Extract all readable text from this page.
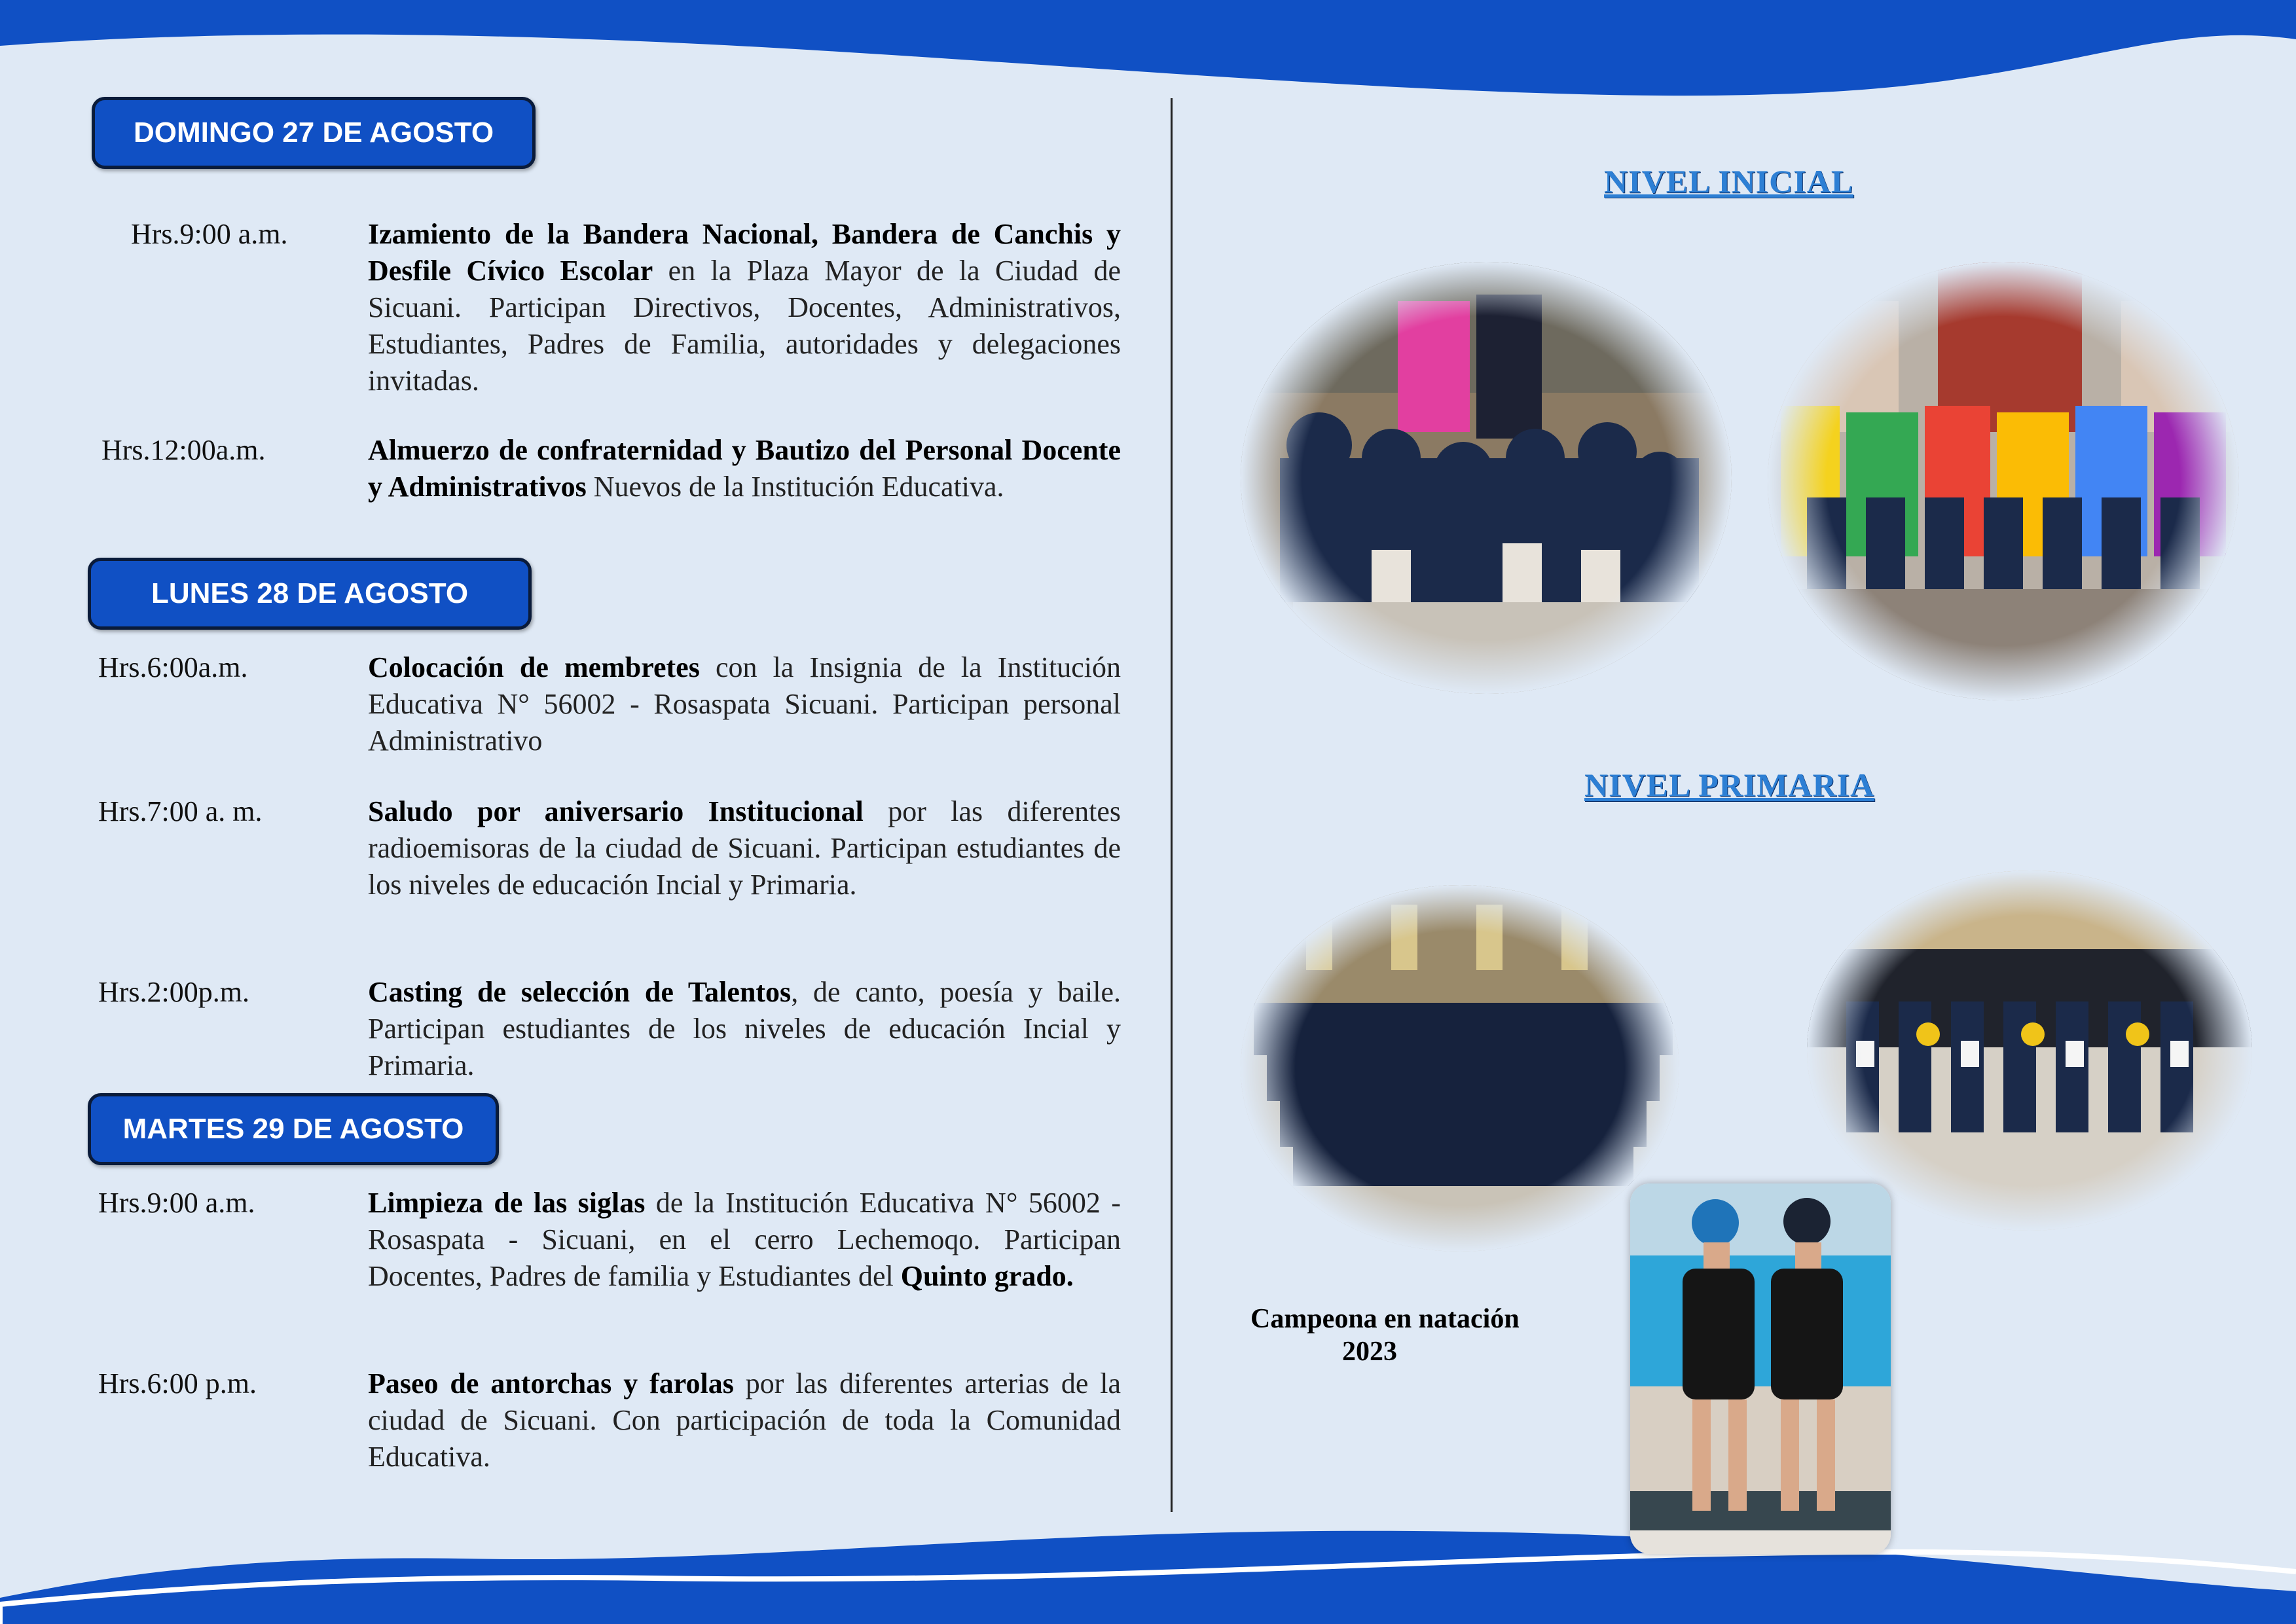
DOMINGO 27 DE AGOSTO
Hrs.9:00 a.m.	Izamiento de la Bandera Nacional, Bandera de Canchis y Desfile Cívico Escolar en la Plaza Mayor de la Ciudad de Sicuani. Participan Directivos, Docentes, Administrativos, Estudiantes, Padres de Familia, autoridades y delegaciones invitadas.
Hrs.12:00a.m.	Almuerzo de confraternidad y Bautizo del Personal Docente y Administrativos Nuevos de la Institución Educativa.
LUNES 28 DE AGOSTO
Hrs.6:00a.m.	Colocación de membretes con la Insignia de la Institución Educativa N° 56002 - Rosaspata Sicuani. Participan personal Administrativo
Hrs.7:00 a. m.	Saludo por aniversario Institucional por las diferentes radioemisoras de la ciudad de Sicuani. Participan estudiantes de los niveles de educación Incial y Primaria.
Hrs.2:00p.m.	Casting de selección de Talentos, de canto, poesía y baile. Participan estudiantes de los niveles de educación Incial y Primaria.
MARTES 29 DE AGOSTO
Hrs.9:00 a.m.	Limpieza de las siglas de la Institución Educativa N° 56002 - Rosaspata - Sicuani, en el cerro Lechemoqo. Participan Docentes, Padres de familia y Estudiantes del Quinto grado.
Hrs.6:00 p.m.	Paseo de antorchas y farolas por las diferentes arterias de la ciudad de Sicuani. Con participación de toda la Comunidad Educativa.
NIVEL INICIAL
NIVEL PRIMARIA
Campeona en natación
2023
